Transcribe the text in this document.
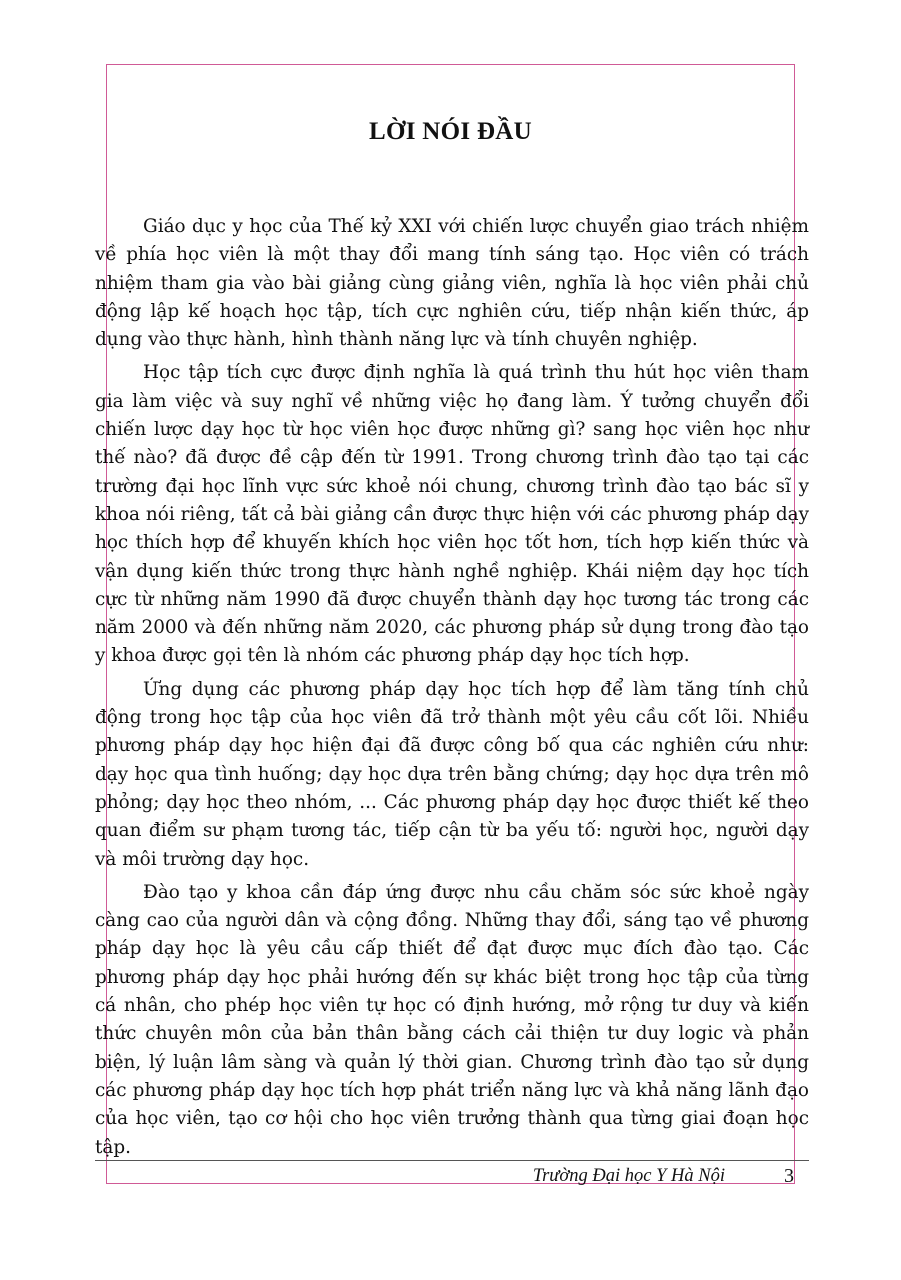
LỜI NÓI ĐẦU

Giáo dục y học của Thế kỷ XXI với chiến lược chuyển giao trách nhiệm về phía học viên là một thay đổi mang tính sáng tạo. Học viên có trách nhiệm tham gia vào bài giảng cùng giảng viên, nghĩa là học viên phải chủ động lập kế hoạch học tập, tích cực nghiên cứu, tiếp nhận kiến thức, áp dụng vào thực hành, hình thành năng lực và tính chuyên nghiệp.

Học tập tích cực được định nghĩa là quá trình thu hút học viên tham gia làm việc và suy nghĩ về những việc họ đang làm. Ý tưởng chuyển đổi chiến lược dạy học từ học viên học được những gì? sang học viên học như thế nào? đã được đề cập đến từ 1991. Trong chương trình đào tạo tại các trường đại học lĩnh vực sức khoẻ nói chung, chương trình đào tạo bác sĩ y khoa nói riêng, tất cả bài giảng cần được thực hiện với các phương pháp dạy học thích hợp để khuyến khích học viên học tốt hơn, tích hợp kiến thức và vận dụng kiến thức trong thực hành nghề nghiệp. Khái niệm dạy học tích cực từ những năm 1990 đã được chuyển thành dạy học tương tác trong các năm 2000 và đến những năm 2020, các phương pháp sử dụng trong đào tạo y khoa được gọi tên là nhóm các phương pháp dạy học tích hợp.

Ứng dụng các phương pháp dạy học tích hợp để làm tăng tính chủ động trong học tập của học viên đã trở thành một yêu cầu cốt lõi. Nhiều phương pháp dạy học hiện đại đã được công bố qua các nghiên cứu như: dạy học qua tình huống; dạy học dựa trên bằng chứng; dạy học dựa trên mô phỏng; dạy học theo nhóm, ... Các phương pháp dạy học được thiết kế theo quan điểm sư phạm tương tác, tiếp cận từ ba yếu tố: người học, người dạy và môi trường dạy học.

Đào tạo y khoa cần đáp ứng được nhu cầu chăm sóc sức khoẻ ngày càng cao của người dân và cộng đồng. Những thay đổi, sáng tạo về phương pháp dạy học là yêu cầu cấp thiết để đạt được mục đích đào tạo. Các phương pháp dạy học phải hướng đến sự khác biệt trong học tập của từng cá nhân, cho phép học viên tự học có định hướng, mở rộng tư duy và kiến thức chuyên môn của bản thân bằng cách cải thiện tư duy logic và phản biện, lý luận lâm sàng và quản lý thời gian. Chương trình đào tạo sử dụng các phương pháp dạy học tích hợp phát triển năng lực và khả năng lãnh đạo của học viên, tạo cơ hội cho học viên trưởng thành qua từng giai đoạn học tập.

Trường Đại học Y Hà Nội	3
